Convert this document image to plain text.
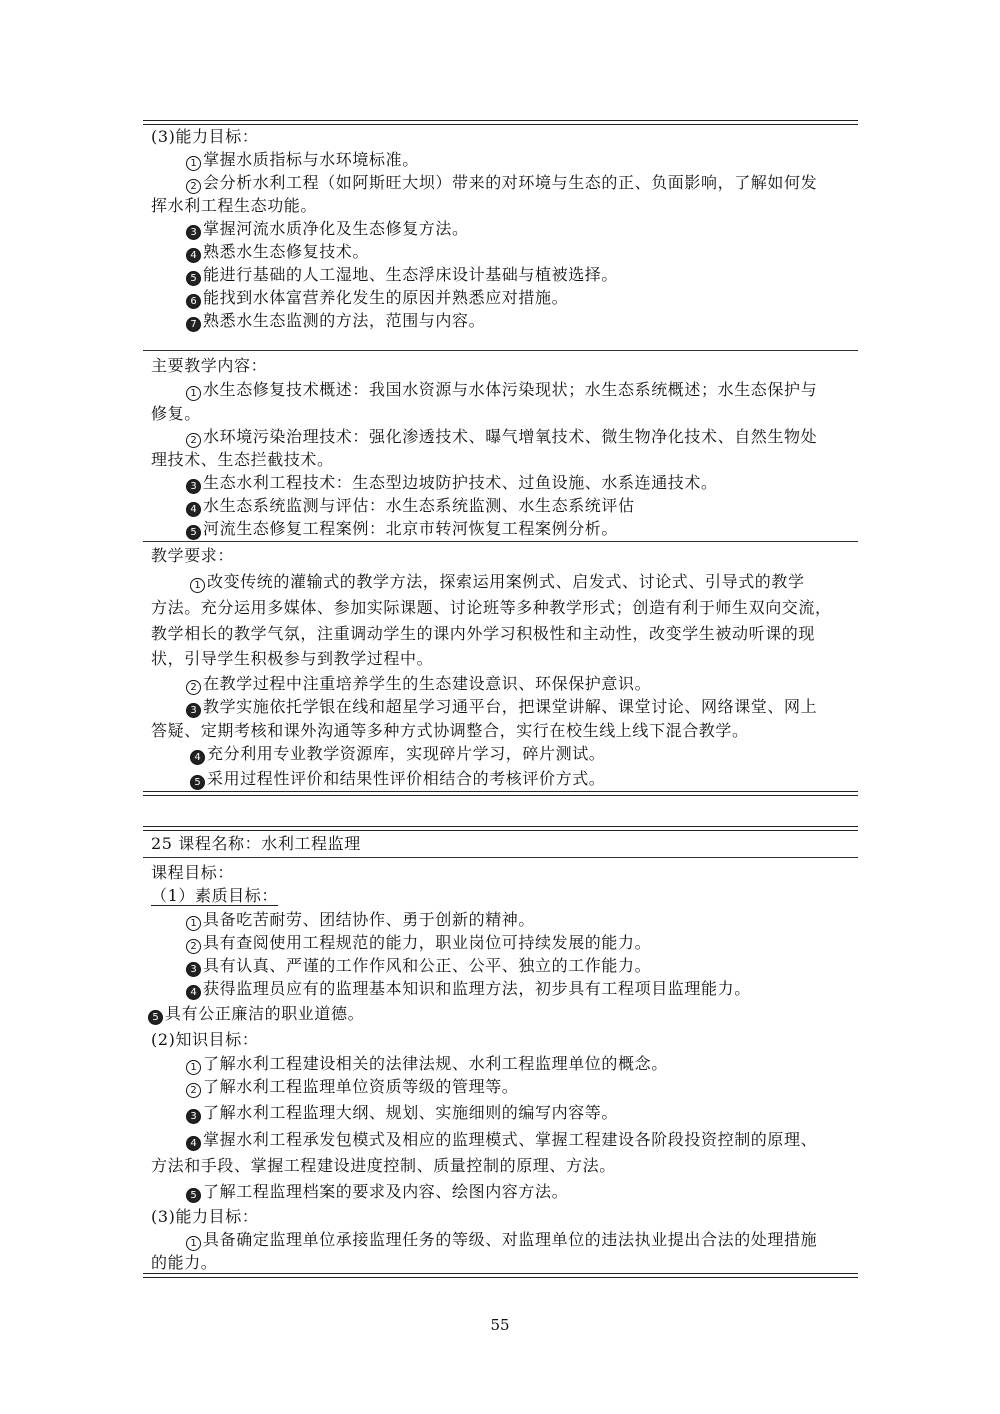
(3)能力目标：
1 掌握水质指标与水环境标准。
2 会分析水利工程（如阿斯旺大坝）带来的对环境与生态的正、负面影响，了解如何发
挥水利工程生态功能。
3 掌握河流水质净化及生态修复方法。
4 熟悉水生态修复技术。
5 能进行基础的人工湿地、生态浮床设计基础与植被选择。
6 能找到水体富营养化发生的原因并熟悉应对措施。
7 熟悉水生态监测的方法，范围与内容。
主要教学内容：
1 水生态修复技术概述：我国水资源与水体污染现状；水生态系统概述；水生态保护与
修复。
2 水环境污染治理技术：强化渗透技术、曝气增氧技术、微生物净化技术、自然生物处
理技术、生态拦截技术。
3 生态水利工程技术：生态型边坡防护技术、过鱼设施、水系连通技术。
4 水生态系统监测与评估：水生态系统监测、水生态系统评估
5 河流生态修复工程案例：北京市转河恢复工程案例分析。
教学要求：
1 改变传统的灌输式的教学方法，探索运用案例式、启发式、讨论式、引导式的教学
方法。充分运用多媒体、参加实际课题、讨论班等多种教学形式；创造有利于师生双向交流，
教学相长的教学气氛，注重调动学生的课内外学习积极性和主动性，改变学生被动听课的现
状，引导学生积极参与到教学过程中。
2 在教学过程中注重培养学生的生态建设意识、环保保护意识。
3 教学实施依托学银在线和超星学习通平台，把课堂讲解、课堂讨论、网络课堂、网上
答疑、定期考核和课外沟通等多种方式协调整合，实行在校生线上线下混合教学。
4 充分利用专业教学资源库，实现碎片学习，碎片测试。
5 采用过程性评价和结果性评价相结合的考核评价方式。
25 课程名称：水利工程监理
课程目标：
（1）素质目标：
1 具备吃苦耐劳、团结协作、勇于创新的精神。
2 具有查阅使用工程规范的能力，职业岗位可持续发展的能力。
3 具有认真、严谨的工作作风和公正、公平、独立的工作能力。
4 获得监理员应有的监理基本知识和监理方法，初步具有工程项目监理能力。
5 具有公正廉洁的职业道德。
(2)知识目标：
1 了解水利工程建设相关的法律法规、水利工程监理单位的概念。
2 了解水利工程监理单位资质等级的管理等。
3 了解水利工程监理大纲、规划、实施细则的编写内容等。
4 掌握水利工程承发包模式及相应的监理模式、掌握工程建设各阶段投资控制的原理、
方法和手段、掌握工程建设进度控制、质量控制的原理、方法。
5 了解工程监理档案的要求及内容、绘图内容方法。
(3)能力目标：
1 具备确定监理单位承接监理任务的等级、对监理单位的违法执业提出合法的处理措施
的能力。
55
